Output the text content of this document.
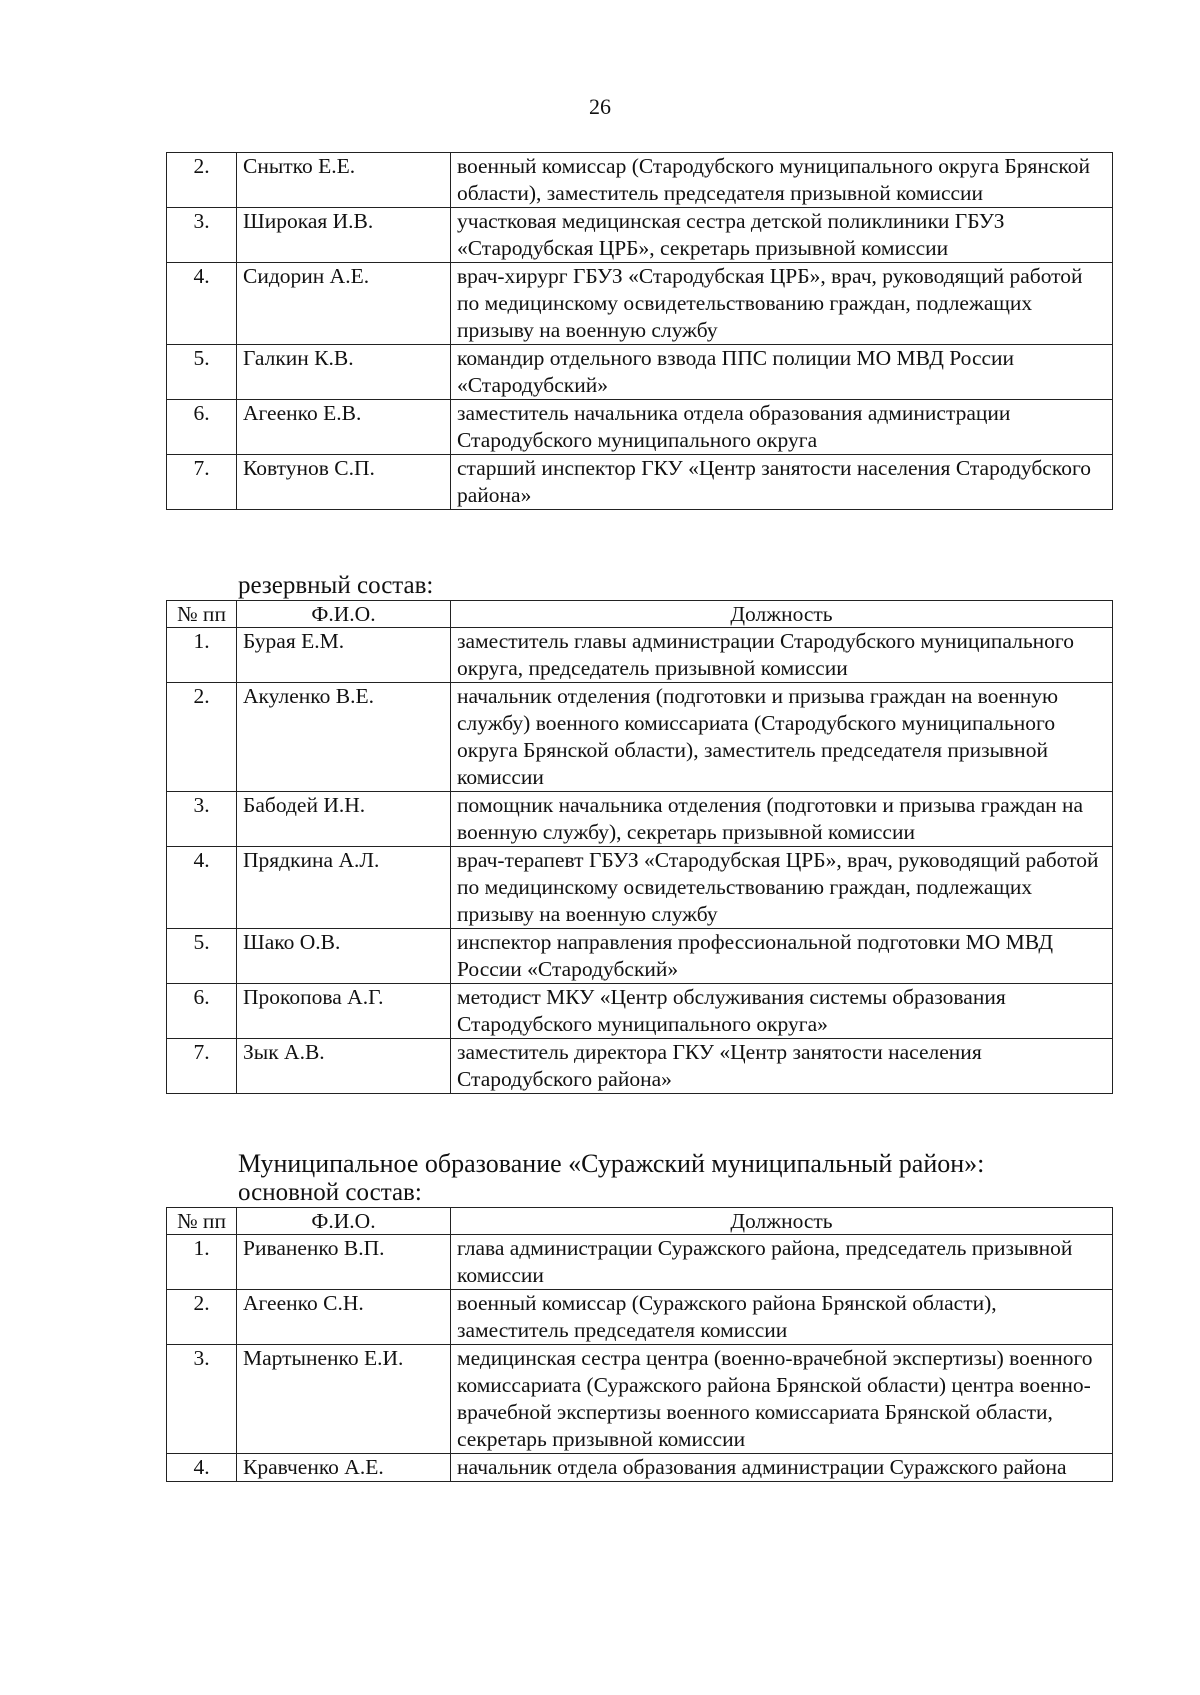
26
2.	Снытко Е.Е.	военный комиссар (Стародубского муниципального округа Брянской области), заместитель председателя призывной комиссии
3.	Широкая И.В.	участковая медицинская сестра детской поликлиники ГБУЗ «Стародубская ЦРБ», секретарь призывной комиссии
4.	Сидорин А.Е.	врач-хирург ГБУЗ «Стародубская ЦРБ», врач, руководящий работой по медицинскому освидетельствованию граждан, подлежащих призыву на военную службу
5.	Галкин К.В.	командир отдельного взвода ППС полиции МО МВД России «Стародубский»
6.	Агеенко Е.В.	заместитель начальника отдела образования администрации Стародубского муниципального округа
7.	Ковтунов С.П.	старший инспектор ГКУ «Центр занятости населения Стародубского района»

резервный состав:

№ пп	Ф.И.О.	Должность
1.	Бурая Е.М.	заместитель главы администрации Стародубского муниципального округа, председатель призывной комиссии
2.	Акуленко В.Е.	начальник отделения (подготовки и призыва граждан на военную службу) военного комиссариата (Стародубского муниципального округа Брянской области), заместитель председателя призывной комиссии
3.	Бабодей И.Н.	помощник начальника отделения (подготовки и призыва граждан на военную службу), секретарь призывной комиссии
4.	Прядкина А.Л.	врач-терапевт ГБУЗ «Стародубская ЦРБ», врач, руководящий работой по медицинскому освидетельствованию граждан, подлежащих призыву на военную службу
5.	Шако О.В.	инспектор направления профессиональной подготовки МО МВД России «Стародубский»
6.	Прокопова А.Г.	методист МКУ «Центр обслуживания системы образования Стародубского муниципального округа»
7.	Зык А.В.	заместитель директора ГКУ «Центр занятости населения Стародубского района»

Муниципальное образование «Суражский муниципальный район»:

основной состав:

№ пп	Ф.И.О.	Должность
1.	Риваненко В.П.	глава администрации Суражского района, председатель призывной комиссии
2.	Агеенко С.Н.	военный комиссар (Суражского района Брянской области), заместитель председателя комиссии
3.	Мартыненко Е.И.	медицинская сестра центра (военно-врачебной экспертизы) военного комиссариата (Суражского района Брянской области) центра военно-врачебной экспертизы военного комиссариата Брянской области, секретарь призывной комиссии
4.	Кравченко А.Е.	начальник отдела образования администрации Суражского района
